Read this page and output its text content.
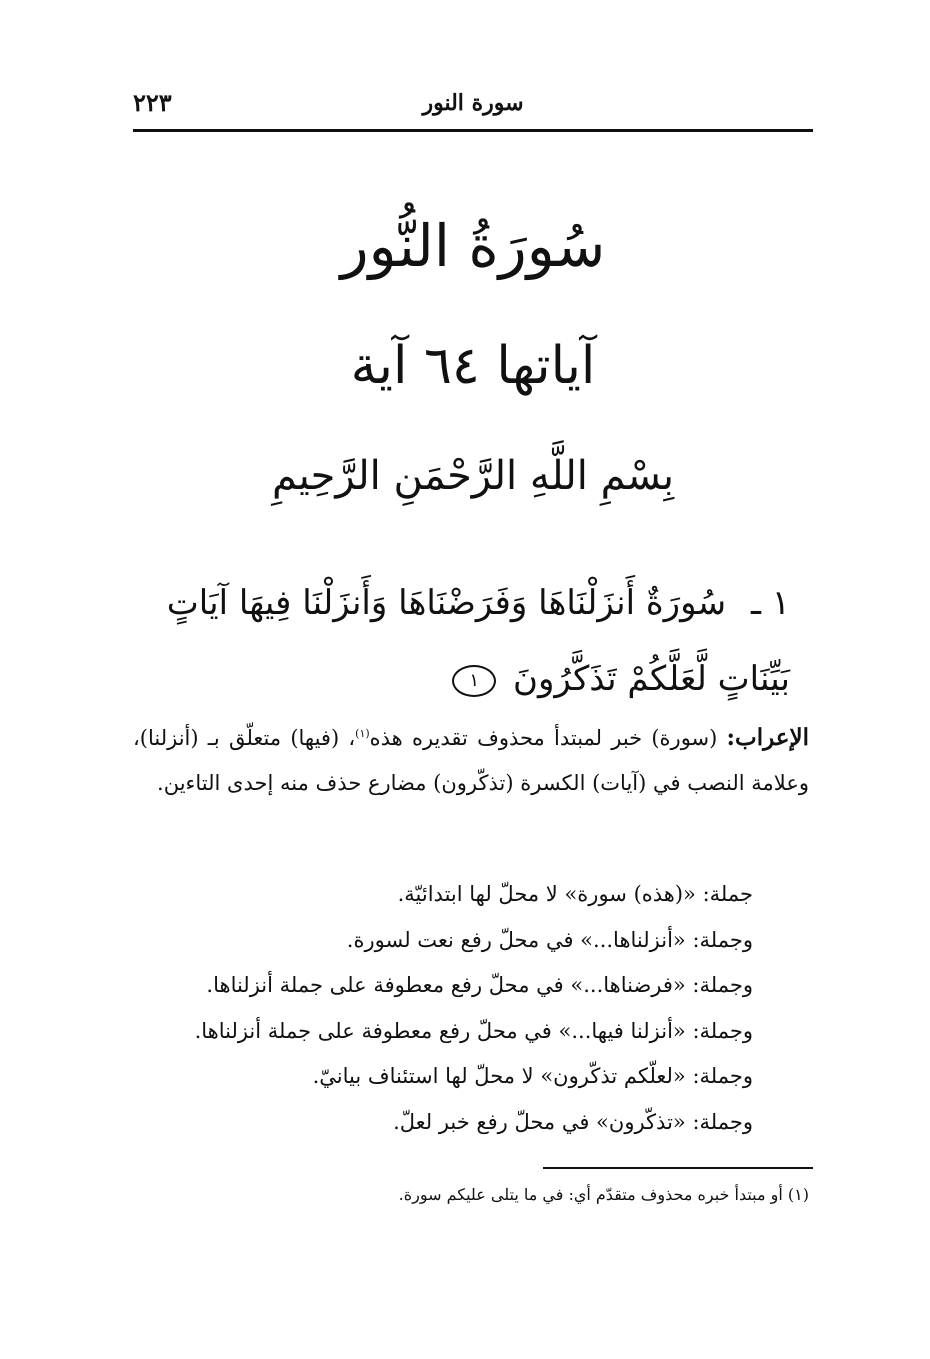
سورة النور
٢٢٣
سُورَةُ النُّور
آياتها ٦٤ آية
بِسْمِ اللَّهِ الرَّحْمَنِ الرَّحِيمِ
١ ـ سُورَةٌ أَنزَلْنَاهَا وَفَرَضْنَاهَا وَأَنزَلْنَا فِيهَا آيَاتٍ بَيِّنَاتٍ لَّعَلَّكُمْ تَذَكَّرُونَ ١
الإعراب: (سورة) خبر لمبتدأ محذوف تقديره هذه$^{(١)}$، (فيها) متعلّق بـ (أنزلنا)، وعلامة النصب في (آيات) الكسرة (تذكّرون) مضارع حذف منه إحدى التاءين.
جملة: «(هذه) سورة» لا محلّ لها ابتدائيّة.
وجملة: «أنزلناها...» في محلّ رفع نعت لسورة.
وجملة: «فرضناها...» في محلّ رفع معطوفة على جملة أنزلناها.
وجملة: «أنزلنا فيها...» في محلّ رفع معطوفة على جملة أنزلناها.
وجملة: «لعلّكم تذكّرون» لا محلّ لها استئناف بيانيّ.
وجملة: «تذكّرون» في محلّ رفع خبر لعلّ.
(١) أو مبتدأ خبره محذوف متقدّم أي: في ما يتلى عليكم سورة.
